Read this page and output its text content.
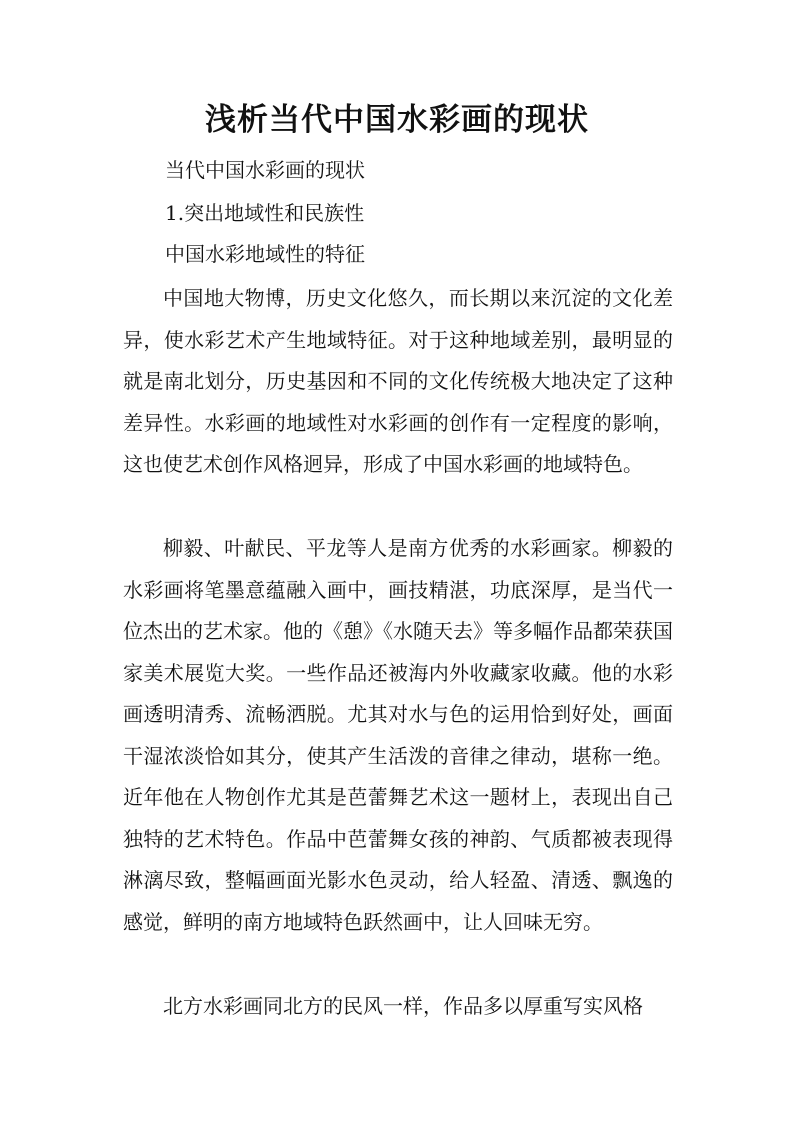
浅析当代中国水彩画的现状

当代中国水彩画的现状

1.突出地域性和民族性

中国水彩地域性的特征

中国地大物博，历史文化悠久，而长期以来沉淀的文化差异，使水彩艺术产生地域特征。对于这种地域差别，最明显的就是南北划分，历史基因和不同的文化传统极大地决定了这种差异性。水彩画的地域性对水彩画的创作有一定程度的影响，这也使艺术创作风格迥异，形成了中国水彩画的地域特色。

柳毅、叶献民、平龙等人是南方优秀的水彩画家。柳毅的水彩画将笔墨意蕴融入画中，画技精湛，功底深厚，是当代一位杰出的艺术家。他的《憩》《水随天去》等多幅作品都荣获国家美术展览大奖。一些作品还被海内外收藏家收藏。他的水彩画透明清秀、流畅洒脱。尤其对水与色的运用恰到好处，画面干湿浓淡恰如其分，使其产生活泼的音律之律动，堪称一绝。近年他在人物创作尤其是芭蕾舞艺术这一题材上，表现出自己独特的艺术特色。作品中芭蕾舞女孩的神韵、气质都被表现得淋漓尽致，整幅画面光影水色灵动，给人轻盈、清透、飘逸的感觉，鲜明的南方地域特色跃然画中，让人回味无穷。

北方水彩画同北方的民风一样，作品多以厚重写实风格
